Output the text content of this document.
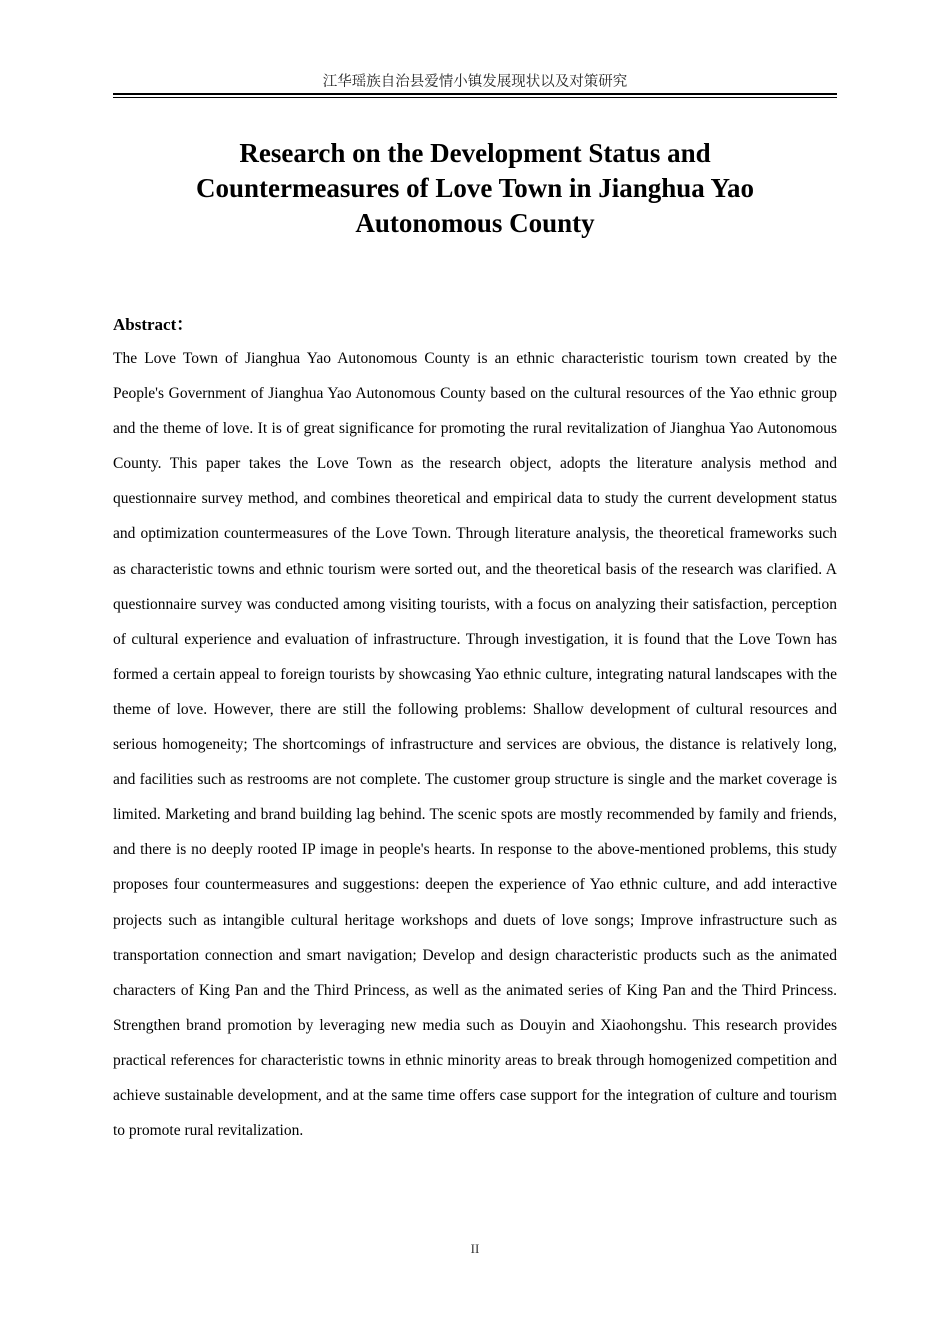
江华瑶族自治县爱情小镇发展现状以及对策研究
Research on the Development Status and Countermeasures of Love Town in Jianghua Yao Autonomous County
Abstract：

The Love Town of Jianghua Yao Autonomous County is an ethnic characteristic tourism town created by the People's Government of Jianghua Yao Autonomous County based on the cultural resources of the Yao ethnic group and the theme of love. It is of great significance for promoting the rural revitalization of Jianghua Yao Autonomous County. This paper takes the Love Town as the research object, adopts the literature analysis method and questionnaire survey method, and combines theoretical and empirical data to study the current development status and optimization countermeasures of the Love Town. Through literature analysis, the theoretical frameworks such as characteristic towns and ethnic tourism were sorted out, and the theoretical basis of the research was clarified. A questionnaire survey was conducted among visiting tourists, with a focus on analyzing their satisfaction, perception of cultural experience and evaluation of infrastructure. Through investigation, it is found that the Love Town has formed a certain appeal to foreign tourists by showcasing Yao ethnic culture, integrating natural landscapes with the theme of love. However, there are still the following problems: Shallow development of cultural resources and serious homogeneity; The shortcomings of infrastructure and services are obvious, the distance is relatively long, and facilities such as restrooms are not complete. The customer group structure is single and the market coverage is limited. Marketing and brand building lag behind. The scenic spots are mostly recommended by family and friends, and there is no deeply rooted IP image in people's hearts. In response to the above-mentioned problems, this study proposes four countermeasures and suggestions: deepen the experience of Yao ethnic culture, and add interactive projects such as intangible cultural heritage workshops and duets of love songs; Improve infrastructure such as transportation connection and smart navigation; Develop and design characteristic products such as the animated characters of King Pan and the Third Princess, as well as the animated series of King Pan and the Third Princess. Strengthen brand promotion by leveraging new media such as Douyin and Xiaohongshu. This research provides practical references for characteristic towns in ethnic minority areas to break through homogenized competition and achieve sustainable development, and at the same time offers case support for the integration of culture and tourism to promote rural revitalization.

II
